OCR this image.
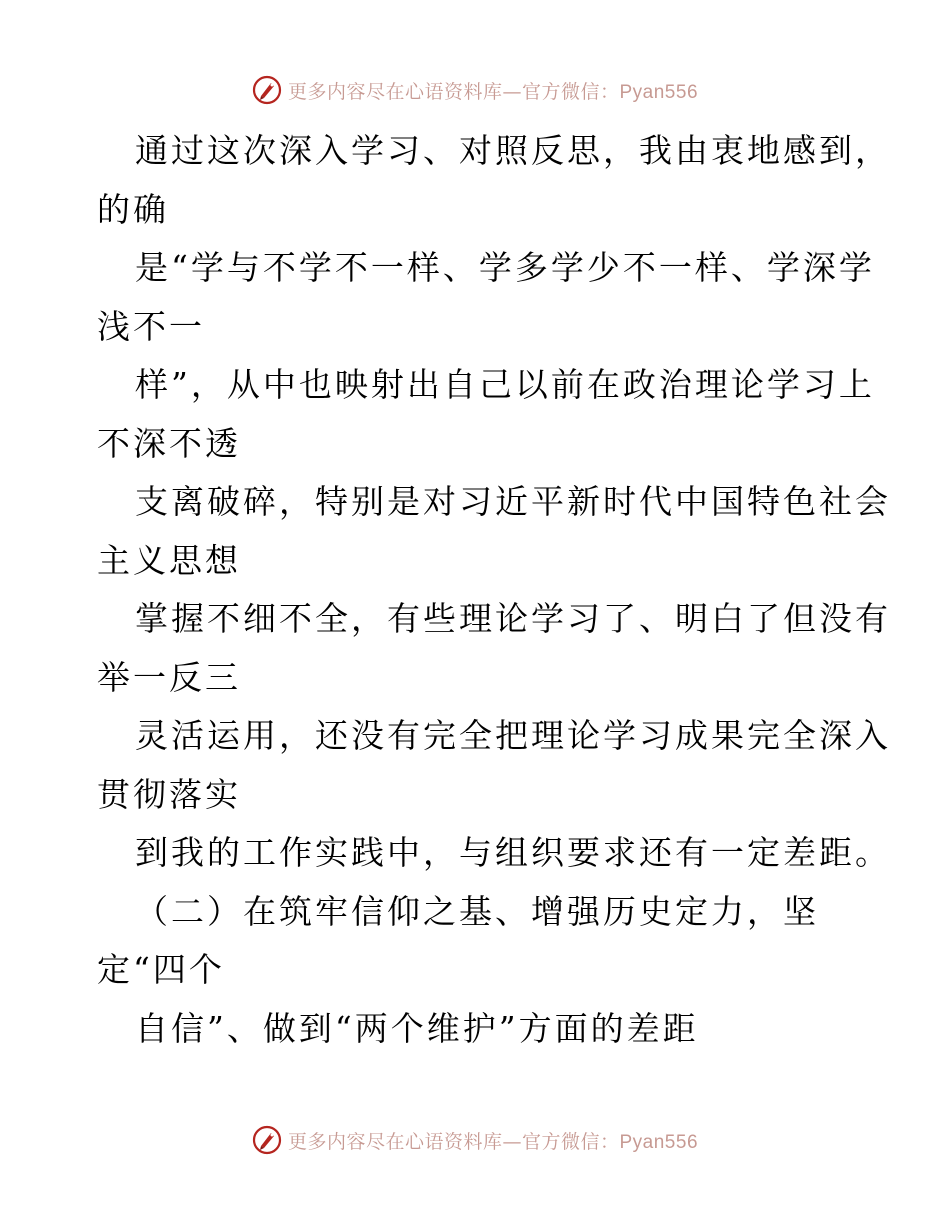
更多内容尽在心语资料库—官方微信：Pyan556
通过这次深入学习、对照反思，我由衷地感到，
的确
是“学与不学不一样、学多学少不一样、学深学
浅不一
样”，从中也映射出自己以前在政治理论学习上
不深不透
支离破碎，特别是对习近平新时代中国特色社会
主义思想
掌握不细不全，有些理论学习了、明白了但没有
举一反三
灵活运用，还没有完全把理论学习成果完全深入
贯彻落实
到我的工作实践中，与组织要求还有一定差距。
（二）在筑牢信仰之基、增强历史定力，坚
定“四个
自信”、做到“两个维护”方面的差距
更多内容尽在心语资料库—官方微信：Pyan556
